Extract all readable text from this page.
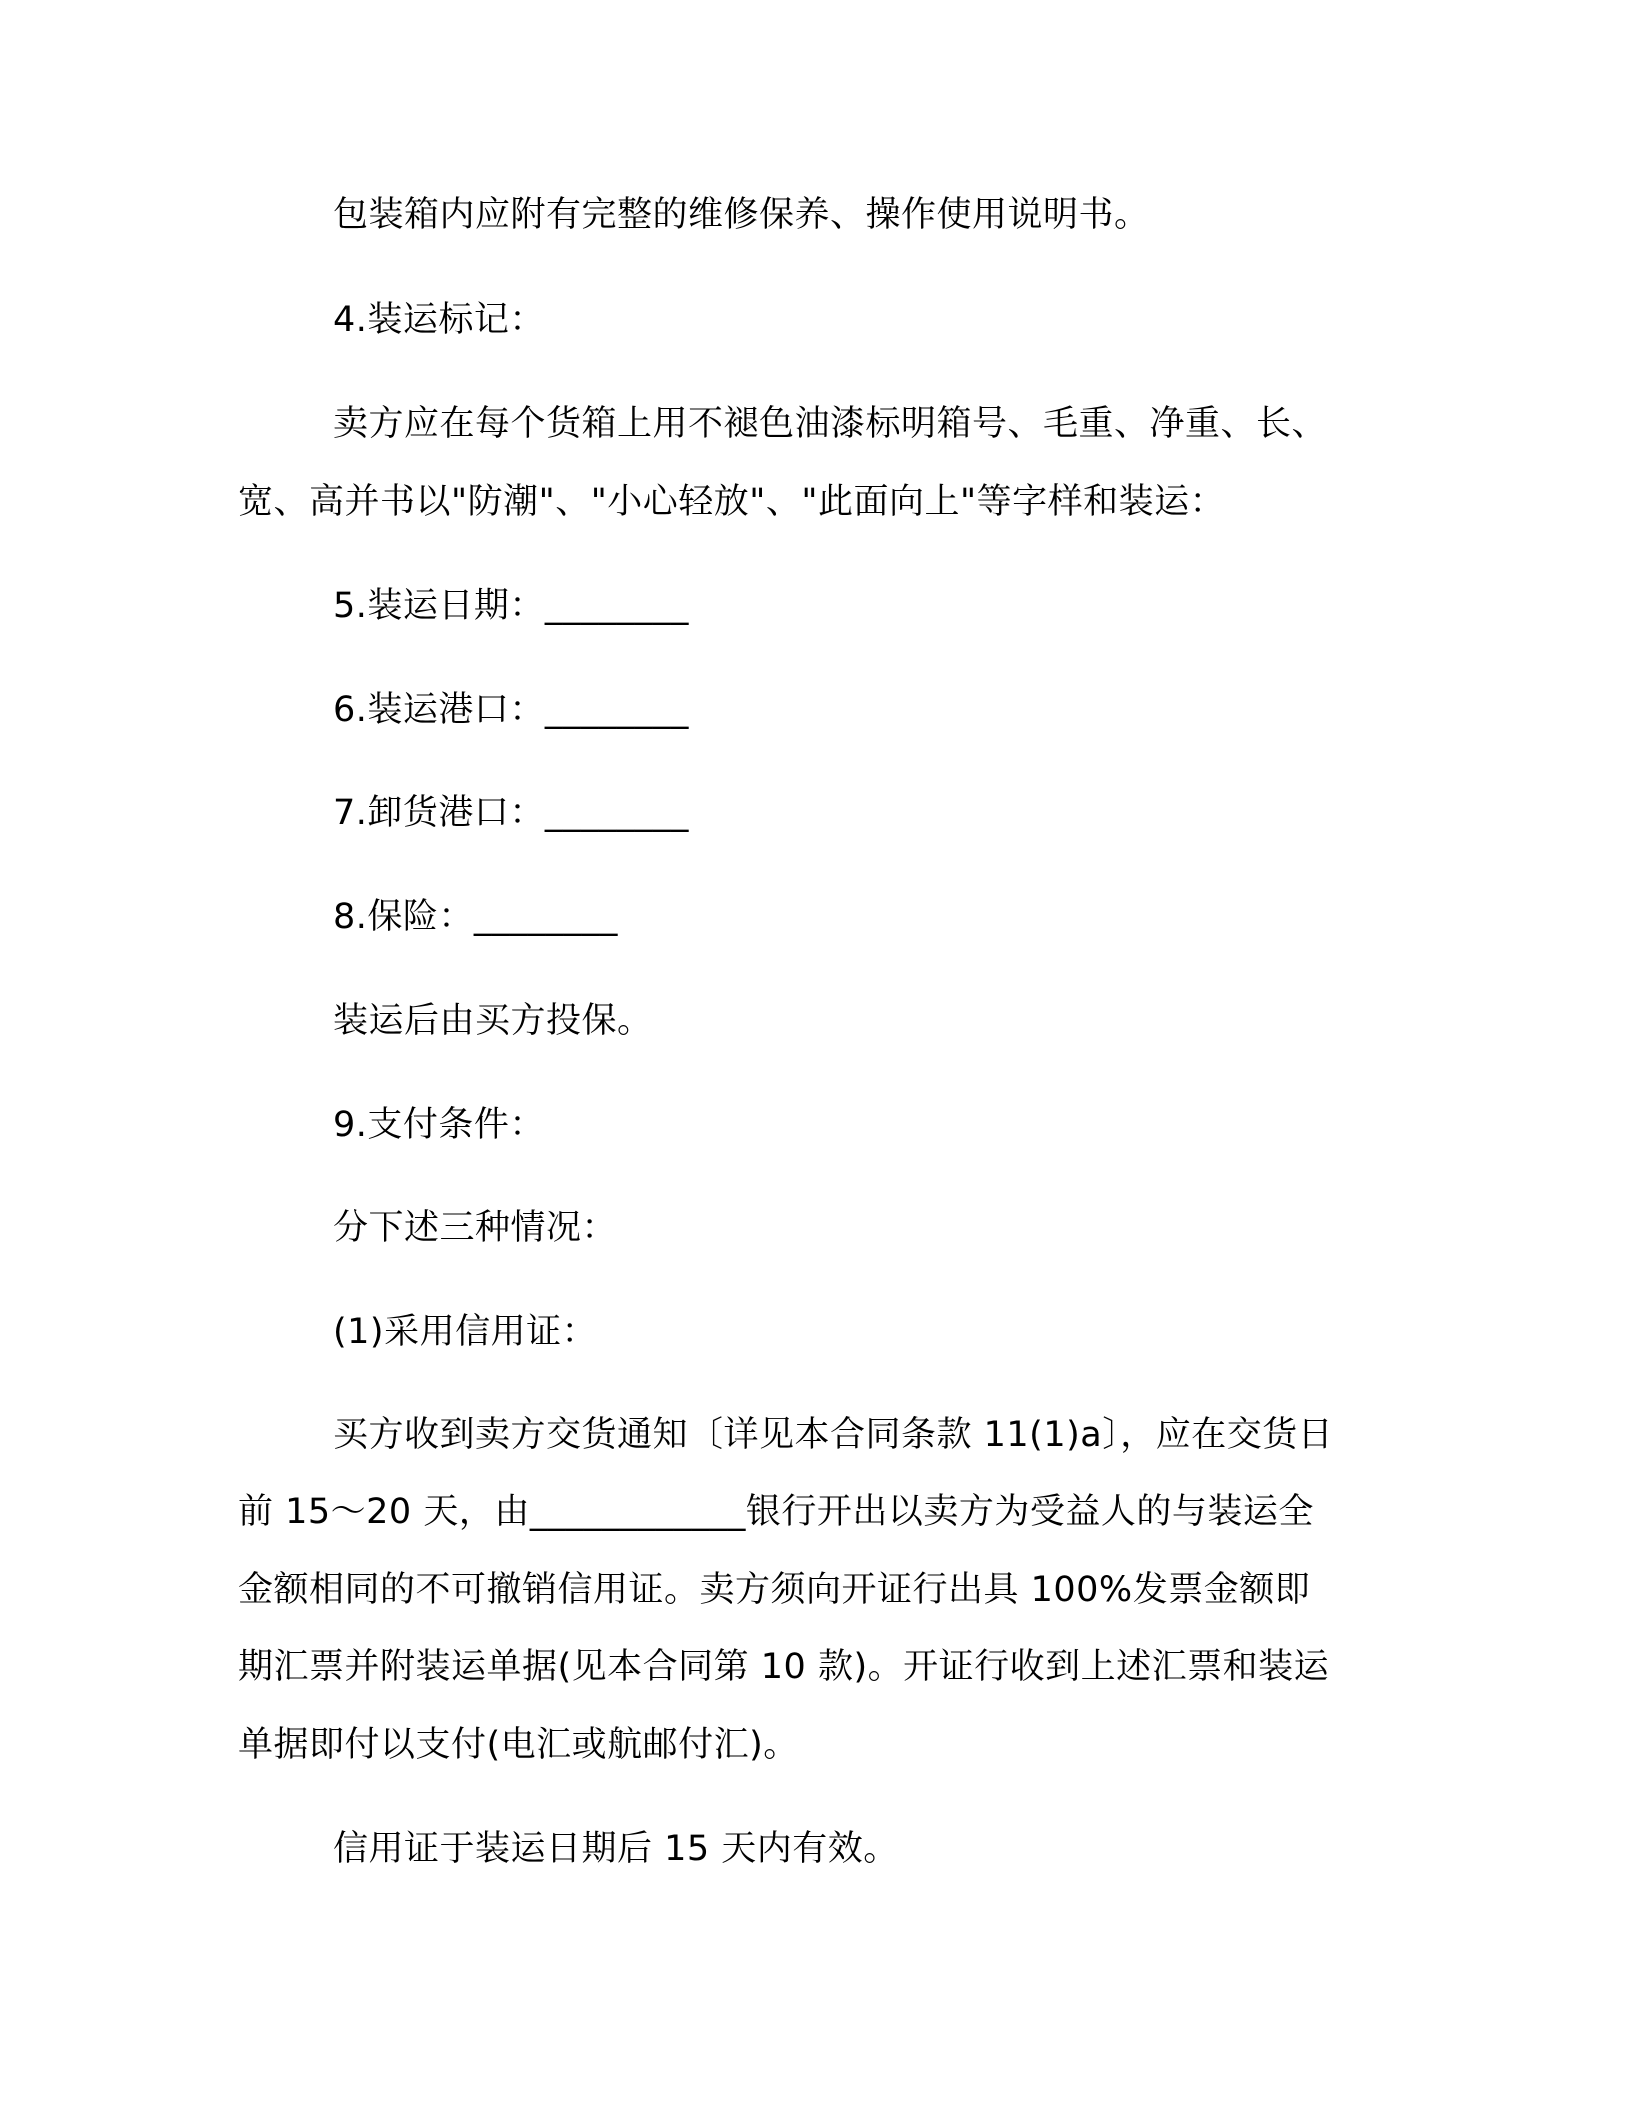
包装箱内应附有完整的维修保养、操作使用说明书。
4.装运标记：
卖方应在每个货箱上用不褪色油漆标明箱号、毛重、净重、长、
宽、高并书以"防潮"、"小心轻放"、"此面向上"等字样和装运：
5.装运日期：________
6.装运港口：________
7.卸货港口：________
8.保险：________
装运后由买方投保。
9.支付条件：
分下述三种情况：
(1)采用信用证：
买方收到卖方交货通知〔详见本合同条款 11(1)a〕，应在交货日
前 15～20 天，由____________银行开出以卖方为受益人的与装运全
金额相同的不可撤销信用证。卖方须向开证行出具 100%发票金额即
期汇票并附装运单据(见本合同第 10 款)。开证行收到上述汇票和装运
单据即付以支付(电汇或航邮付汇)。
信用证于装运日期后 15 天内有效。
